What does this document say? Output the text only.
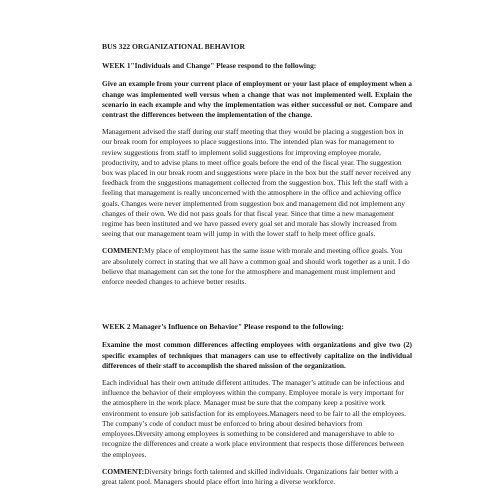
BUS 322 ORGANIZATIONAL BEHAVIOR
WEEK 1"Individuals and Change" Please respond to the following:
Give an example from your current place of employment or your last place of employment when a change was implemented well versus when a change that was not implemented well. Explain the scenario in each example and why the implementation was either successful or not. Compare and contrast the differences between the implementation of the change.
Management advised the staff during our staff meeting that they would be placing a suggestion box in our break room for employees to place suggestions into. The intended plan was for management to review suggestions from staff to implement solid suggestions for improving employee morale, productivity, and to advise plans to meet office goals before the end of the fiscal year. The suggestion box was placed in our break room and suggestions were place in the box but the staff never received any feedback from the suggestions management collected from the suggestion box. This left the staff with a feeling that management is really unconcerned with the atmosphere in the office and achieving office goals. Changes were never implemented from suggestion box and management did not implement any changes of their own. We did not pass goals for that fiscal year. Since that time a new management regime has been instituted and we have passed every goal set and morale has slowly increased from seeing that our management team will jump in with the lower staff to help meet office goals.
COMMENT:My place of employment has the same issue with morale and meeting office goals. You are absolutely correct in stating that we all have a common goal and should work together as a unit. I do believe that management can set the tone for the atmosphere and management must implement and enforce needed changes to achieve better results.
WEEK 2 Manager’s Influence on Behavior" Please respond to the following:
Examine the most common differences affecting employees with organizations and give two (2) specific examples of techniques that managers can use to effectively capitalize on the individual differences of their staff to accomplish the shared mission of the organization.
Each individual has their own attitude different attitudes. The manager’s attitude can be infectious and influence the behavior of their employees within the company. Employee morale is very important for the atmosphere in the work place. Manager must be sure that the company keep a positive work environment to ensure job satisfaction for its employees.Managers need to be fair to all the employees. The company’s code of conduct must be enforced to bring about desired behaviors from employees.Diversity among employees is something to be considered and managershave to able to recognize the differences and create a work place environment that respects those differences between the employees.
COMMENT:Diversity brings forth talented and skilled individuals. Organizations fair better with a great talent pool. Managers should place effort into hiring a diverse workforce.
